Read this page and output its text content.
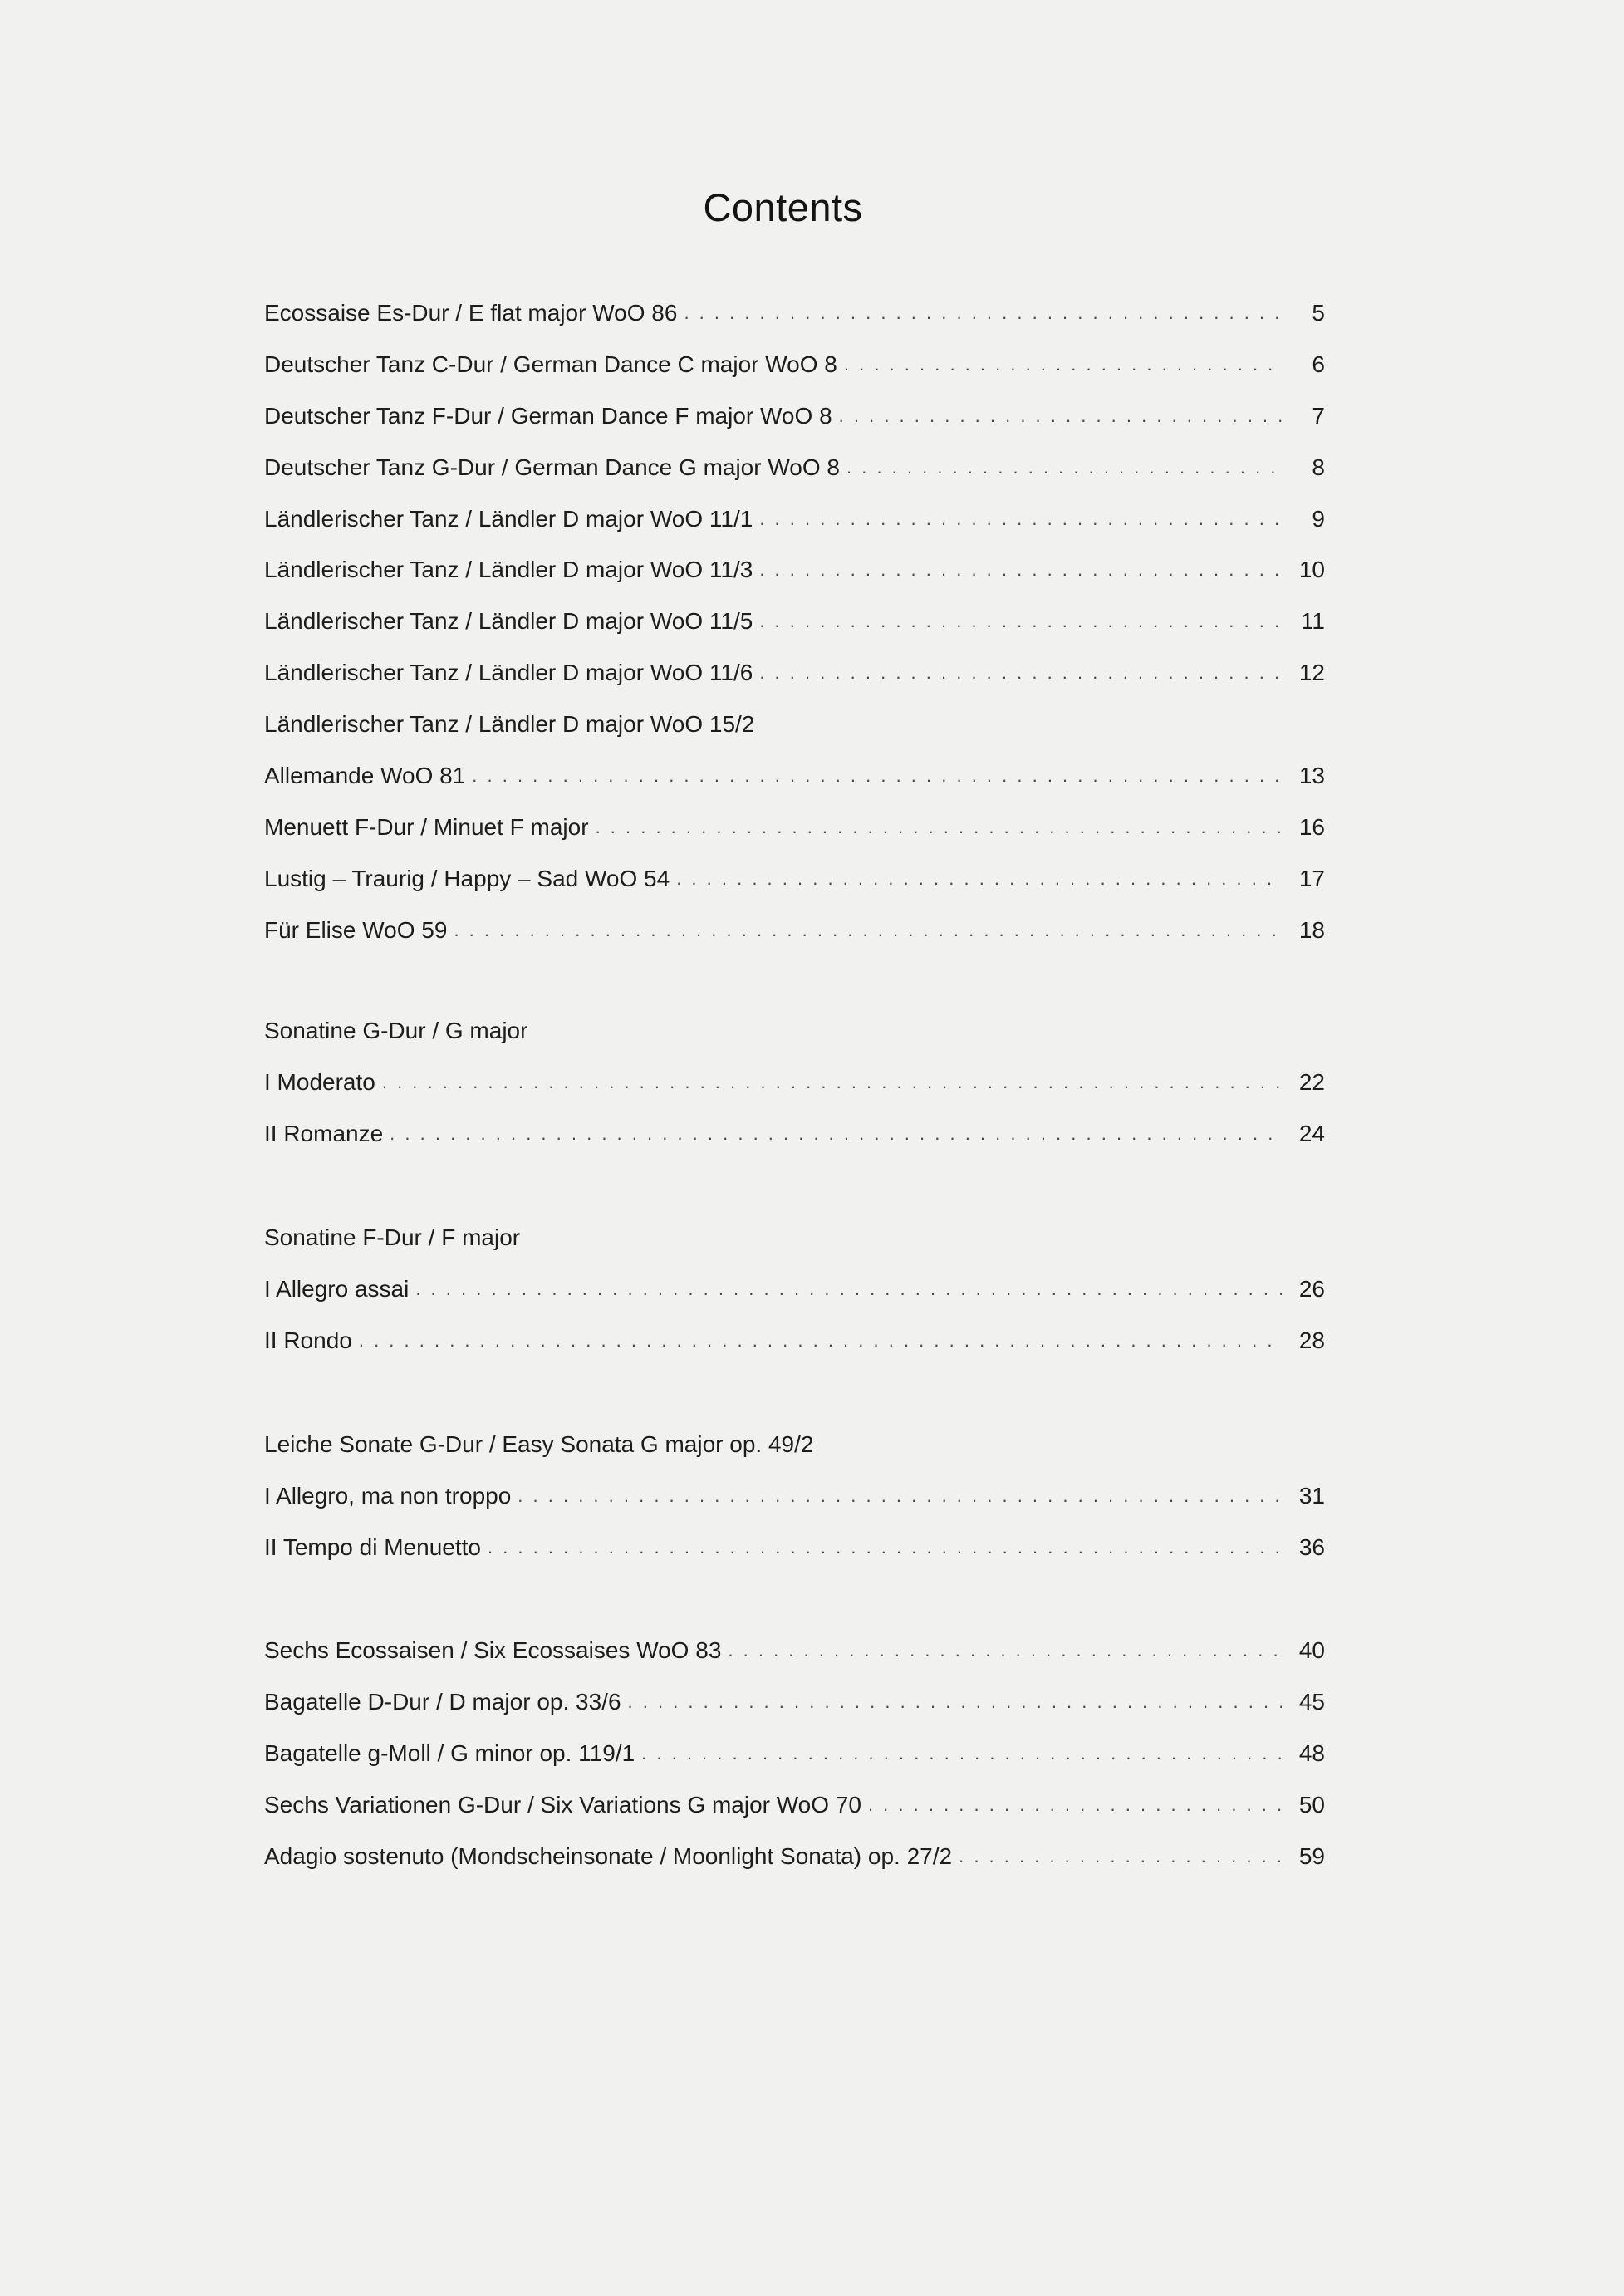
Contents
Ecossaise Es-Dur / E flat major WoO 86 . . .	5
Deutscher Tanz C-Dur / German Dance C major WoO 8 . . .	6
Deutscher Tanz F-Dur / German Dance F major WoO 8 . . .	7
Deutscher Tanz G-Dur / German Dance G major WoO 8 . . .	8
Ländlerischer Tanz / Ländler D major WoO 11/1 . . .	9
Ländlerischer Tanz / Ländler D major WoO 11/3 . . .	10
Ländlerischer Tanz / Ländler D major WoO 11/5 . . .	11
Ländlerischer Tanz / Ländler D major WoO 11/6 . . .	12
Ländlerischer Tanz / Ländler D major WoO 15/2
Allemande WoO 81 . . .	13
Menuett F-Dur / Minuet F major . . .	16
Lustig – Traurig / Happy – Sad WoO 54 . . .	17
Für Elise WoO 59 . . .	18
Sonatine G-Dur / G major
I Moderato . . .	22
II Romanze . . .	24
Sonatine F-Dur / F major
I Allegro assai . . .	26
II Rondo . . .	28
Leiche Sonate G-Dur / Easy Sonata G major op. 49/2
I Allegro, ma non troppo . . .	31
II Tempo di Menuetto . . .	36
Sechs Ecossaisen / Six Ecossaises WoO 83 . . .	40
Bagatelle D-Dur / D major op. 33/6 . . .	45
Bagatelle g-Moll / G minor op. 119/1 . . .	48
Sechs Variationen G-Dur / Six Variations G major WoO 70 . . .	50
Adagio sostenuto (Mondscheinsonate / Moonlight Sonata) op. 27/2 . . .	59
